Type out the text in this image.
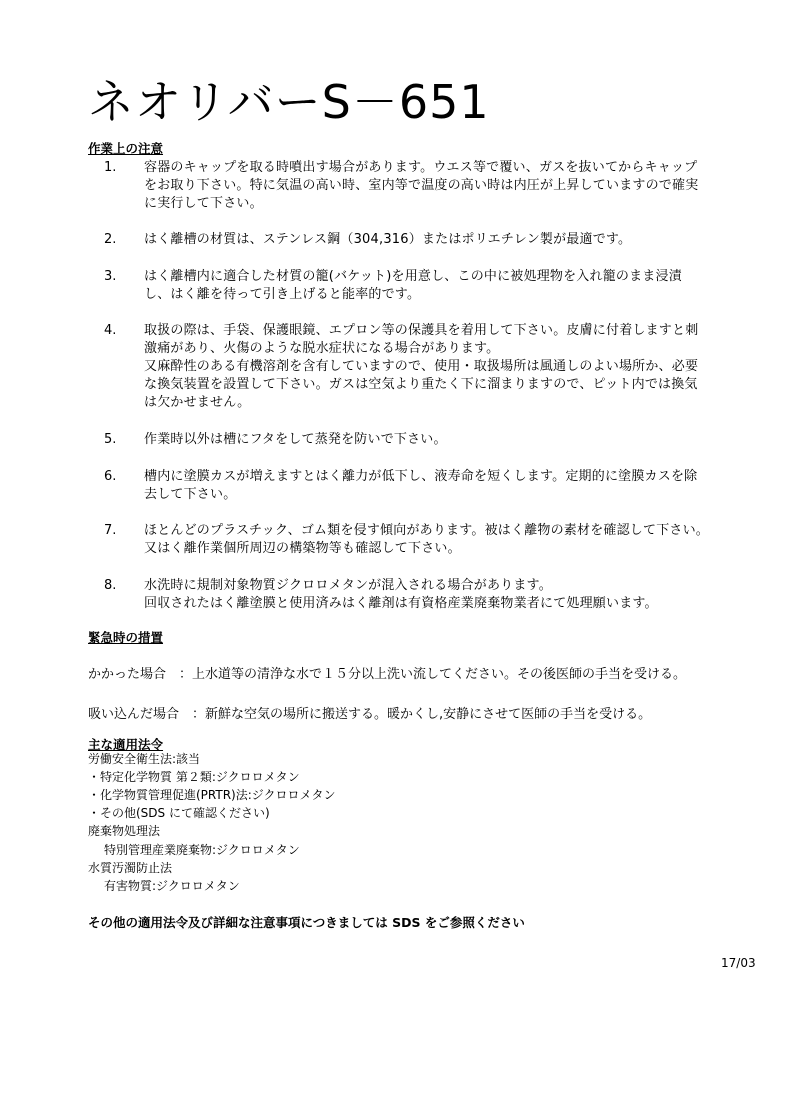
ネオリバーS－651
作業上の注意
1. 容器のキャップを取る時噴出す場合があります。ウエス等で覆い、ガスを抜いてからキャップ
をお取り下さい。特に気温の高い時、室内等で温度の高い時は内圧が上昇していますので確実
に実行して下さい。
2. はく離槽の材質は、ステンレス鋼（304,316）またはポリエチレン製が最適です。
3. はく離槽内に適合した材質の籠(バケット)を用意し、この中に被処理物を入れ籠のまま浸漬
し、はく離を待って引き上げると能率的です。
4. 取扱の際は、手袋、保護眼鏡、エプロン等の保護具を着用して下さい。皮膚に付着しますと刺
激痛があり、火傷のような脱水症状になる場合があります。
又麻酔性のある有機溶剤を含有していますので、使用・取扱場所は風通しのよい場所か、必要
な換気装置を設置して下さい。ガスは空気より重たく下に溜まりますので、ピット内では換気
は欠かせません。
5. 作業時以外は槽にフタをして蒸発を防いで下さい。
6. 槽内に塗膜カスが増えますとはく離力が低下し、液寿命を短くします。定期的に塗膜カスを除
去して下さい。
7. ほとんどのプラスチック、ゴム類を侵す傾向があります。被はく離物の素材を確認して下さい。
又はく離作業個所周辺の構築物等も確認して下さい。
8. 水洗時に規制対象物質ジクロロメタンが混入される場合があります。
回収されたはく離塗膜と使用済みはく離剤は有資格産業廃棄物業者にて処理願います。
緊急時の措置
かかった場合　：上水道等の清浄な水で１５分以上洗い流してください。その後医師の手当を受ける。
吸い込んだ場合　：新鮮な空気の場所に搬送する。暖かくし,安静にさせて医師の手当を受ける。
主な適用法令
労働安全衛生法:該当
・特定化学物質 第２類:ジクロロメタン
・化学物質管理促進(PRTR)法:ジクロロメタン
・その他(SDS にて確認ください)
廃棄物処理法
特別管理産業廃棄物:ジクロロメタン
水質汚濁防止法
有害物質:ジクロロメタン
その他の適用法令及び詳細な注意事項につきましては SDS をご参照ください
17/03
